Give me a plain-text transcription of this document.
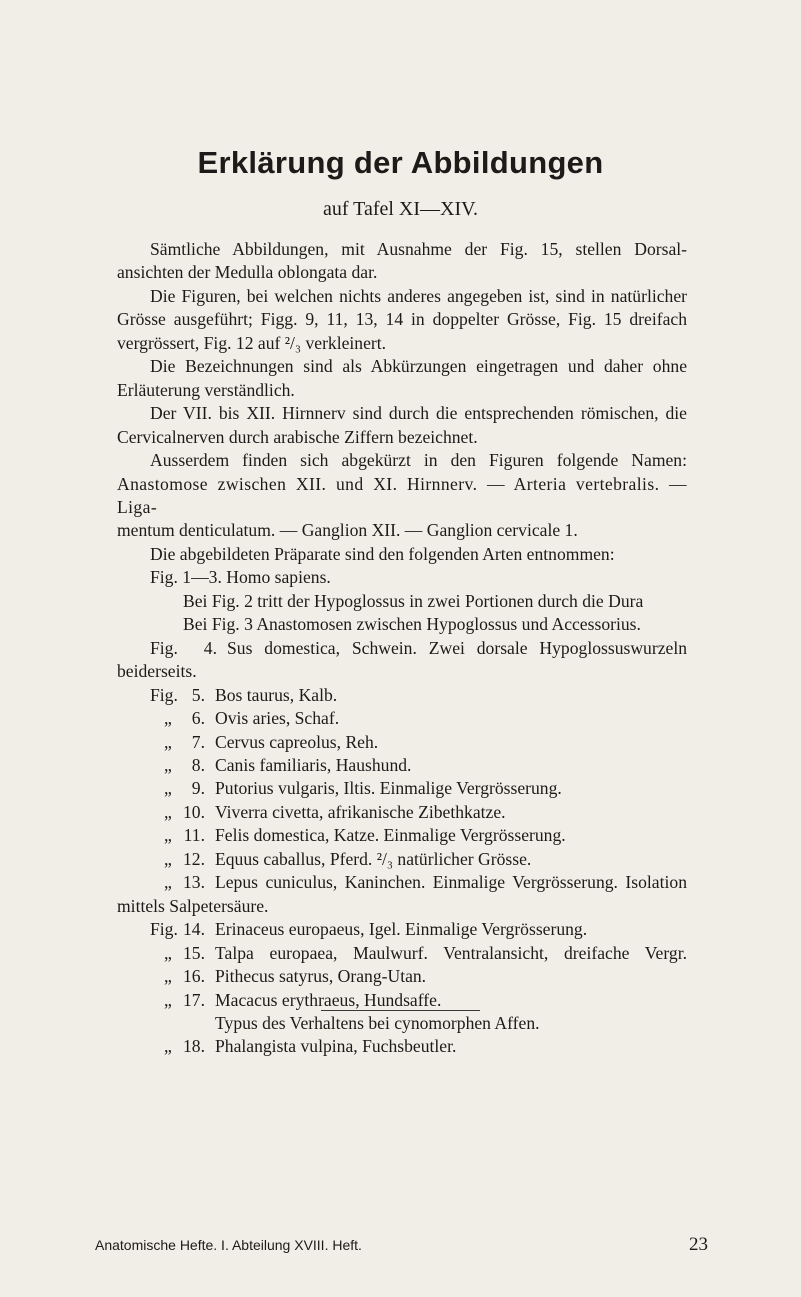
Erklärung der Abbildungen
auf Tafel XI—XIV.

Sämtliche Abbildungen, mit Ausnahme der Fig. 15, stellen Dorsal-

ansichten der Medulla oblongata dar.

Die Figuren, bei welchen nichts anderes angegeben ist, sind in natürlicher

Grösse ausgeführt; Figg. 9, 11, 13, 14 in doppelter Grösse, Fig. 15 dreifach

vergrössert, Fig. 12 auf ²/₃ verkleinert.

Die Bezeichnungen sind als Abkürzungen eingetragen und daher ohne

Erläuterung verständlich.

Der VII. bis XII. Hirnnerv sind durch die entsprechenden römischen, die

Cervicalnerven durch arabische Ziffern bezeichnet.

Ausserdem finden sich abgekürzt in den Figuren folgende Namen:

Anastomose zwischen XII. und XI. Hirnnerv. — Arteria vertebralis. — Liga-

mentum denticulatum. — Ganglion XII. — Ganglion cervicale 1.

Die abgebildeten Präparate sind den folgenden Arten entnommen:

Fig. 1—3. Homo sapiens.

Bei Fig. 2 tritt der Hypoglossus in zwei Portionen durch die Dura

Bei Fig. 3 Anastomosen zwischen Hypoglossus und Accessorius.

Fig.	4. Sus domestica, Schwein. Zwei dorsale Hypoglossuswurzeln

beiderseits.

Fig. 5. Bos taurus, Kalb.
„	6. Ovis aries, Schaf.
„	7. Cervus capreolus, Reh.
„	8. Canis familiaris, Haushund.
„	9. Putorius vulgaris, Iltis. Einmalige Vergrösserung.
„ 10. Viverra civetta, afrikanische Zibethkatze.
„ 11. Felis domestica, Katze. Einmalige Vergrösserung.
„ 12. Equus caballus, Pferd. ²/₃ natürlicher Grösse.
„ 13. Lepus cuniculus, Kaninchen. Einmalige Vergrösserung. Isolation

mittels Salpetersäure.

Fig. 14. Erinaceus europaeus, Igel. Einmalige Vergrösserung.
„ 15. Talpa europaea, Maulwurf. Ventralansicht, dreifache Vergr.
„ 16. Pithecus satyrus, Orang-Utan.
„ 17. Macacus erythraeus, Hundsaffe.

Typus des Verhaltens bei cynomorphen Affen.

„ 18. Phalangista vulpina, Fuchsbeutler.
Anatomische Hefte. I. Abteilung XVIII. Heft.	23
